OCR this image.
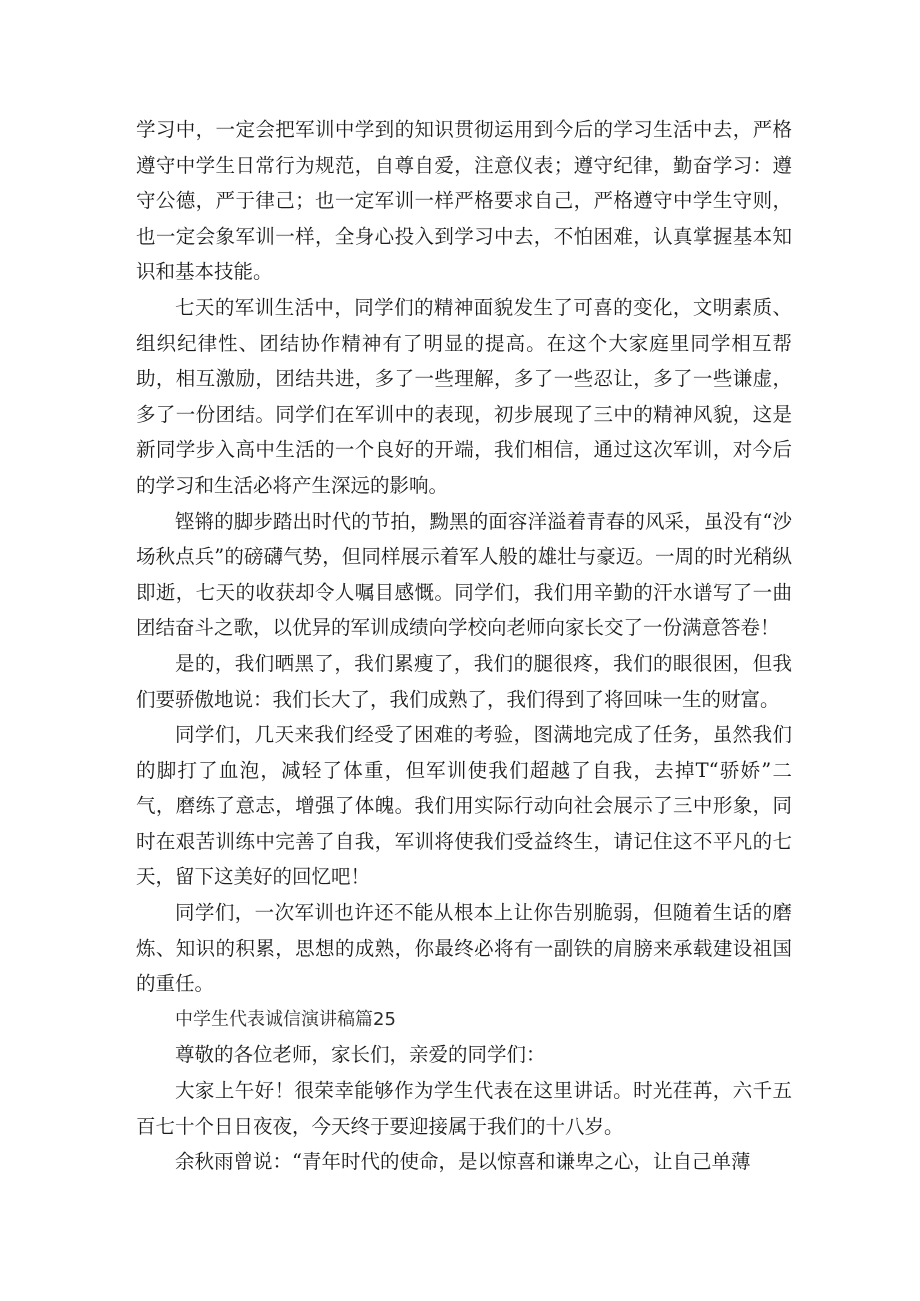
学习中，一定会把军训中学到的知识贯彻运用到今后的学习生活中去，严格遵守中学生日常行为规范，自尊自爱，注意仪表；遵守纪律，勤奋学习：遵守公德，严于律己；也一定军训一样严格要求自己，严格遵守中学生守则，也一定会象军训一样，全身心投入到学习中去，不怕困难，认真掌握基本知识和基本技能。

七天的军训生活中，同学们的精神面貌发生了可喜的变化，文明素质、组织纪律性、团结协作精神有了明显的提高。在这个大家庭里同学相互帮助，相互激励，团结共进，多了一些理解，多了一些忍让，多了一些谦虚，多了一份团结。同学们在军训中的表现，初步展现了三中的精神风貌，这是新同学步入高中生活的一个良好的开端，我们相信，通过这次军训，对今后的学习和生活必将产生深远的影响。

铿锵的脚步踏出时代的节拍，黝黑的面容洋溢着青春的风采，虽没有“沙场秋点兵”的磅礴气势，但同样展示着军人般的雄壮与豪迈。一周的时光稍纵即逝，七天的收获却令人嘱目感慨。同学们，我们用辛勤的汗水谱写了一曲团结奋斗之歌，以优异的军训成绩向学校向老师向家长交了一份满意答卷！

是的，我们晒黑了，我们累瘦了，我们的腿很疼，我们的眼很困，但我们要骄傲地说：我们长大了，我们成熟了，我们得到了将回味一生的财富。

同学们，几天来我们经受了困难的考验，图满地完成了任务，虽然我们的脚打了血泡，减轻了体重，但军训使我们超越了自我，去掉T“骄娇”二气，磨练了意志，增强了体魄。我们用实际行动向社会展示了三中形象，同时在艰苦训练中完善了自我，军训将使我们受益终生，请记住这不平凡的七天，留下这美好的回忆吧！

同学们，一次军训也许还不能从根本上让你告别脆弱，但随着生话的磨炼、知识的积累，思想的成熟，你最终必将有一副铁的肩膀来承载建设祖国的重任。

中学生代表诚信演讲稿篇25

尊敬的各位老师，家长们，亲爱的同学们：

大家上午好！很荣幸能够作为学生代表在这里讲话。时光荏苒，六千五百七十个日日夜夜，今天终于要迎接属于我们的十八岁。

余秋雨曾说：“青年时代的使命，是以惊喜和谦卑之心，让自己单薄
